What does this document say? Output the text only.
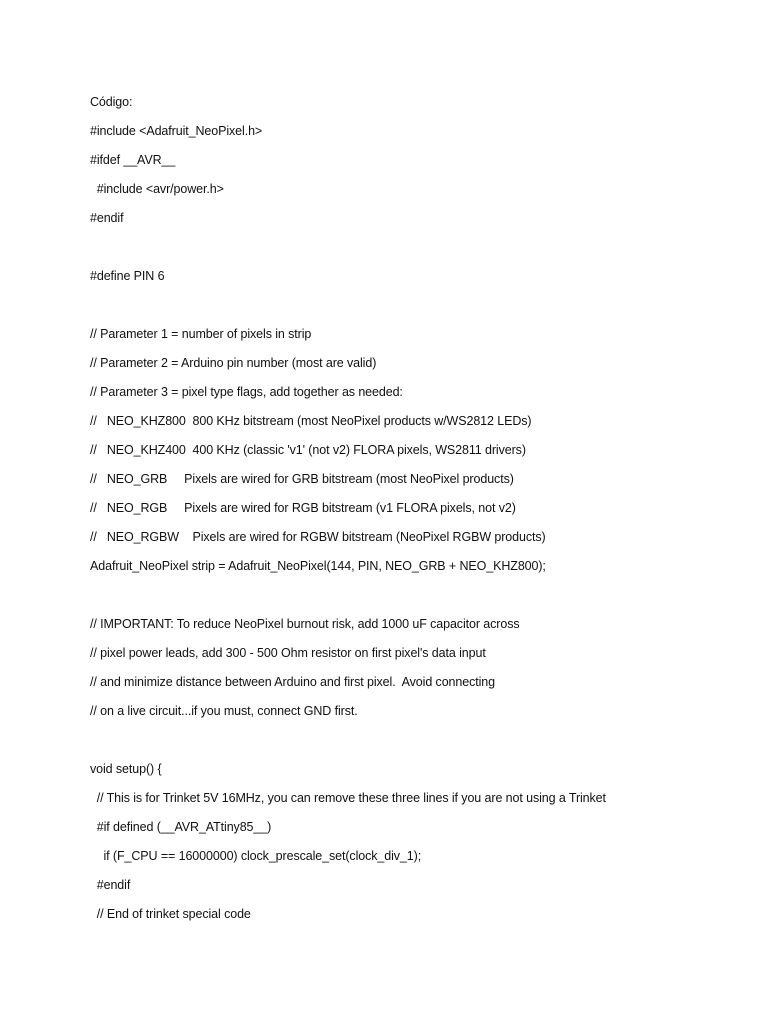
Código:
#include <Adafruit_NeoPixel.h>
#ifdef __AVR__
#include <avr/power.h>
#endif
#define PIN 6
// Parameter 1 = number of pixels in strip
// Parameter 2 = Arduino pin number (most are valid)
// Parameter 3 = pixel type flags, add together as needed:
//   NEO_KHZ800  800 KHz bitstream (most NeoPixel products w/WS2812 LEDs)
//   NEO_KHZ400  400 KHz (classic 'v1' (not v2) FLORA pixels, WS2811 drivers)
//   NEO_GRB     Pixels are wired for GRB bitstream (most NeoPixel products)
//   NEO_RGB     Pixels are wired for RGB bitstream (v1 FLORA pixels, not v2)
//   NEO_RGBW    Pixels are wired for RGBW bitstream (NeoPixel RGBW products)
Adafruit_NeoPixel strip = Adafruit_NeoPixel(144, PIN, NEO_GRB + NEO_KHZ800);
// IMPORTANT: To reduce NeoPixel burnout risk, add 1000 uF capacitor across
// pixel power leads, add 300 - 500 Ohm resistor on first pixel's data input
// and minimize distance between Arduino and first pixel.  Avoid connecting
// on a live circuit...if you must, connect GND first.
void setup() {
// This is for Trinket 5V 16MHz, you can remove these three lines if you are not using a Trinket
#if defined (__AVR_ATtiny85__)
if (F_CPU == 16000000) clock_prescale_set(clock_div_1);
#endif
// End of trinket special code
